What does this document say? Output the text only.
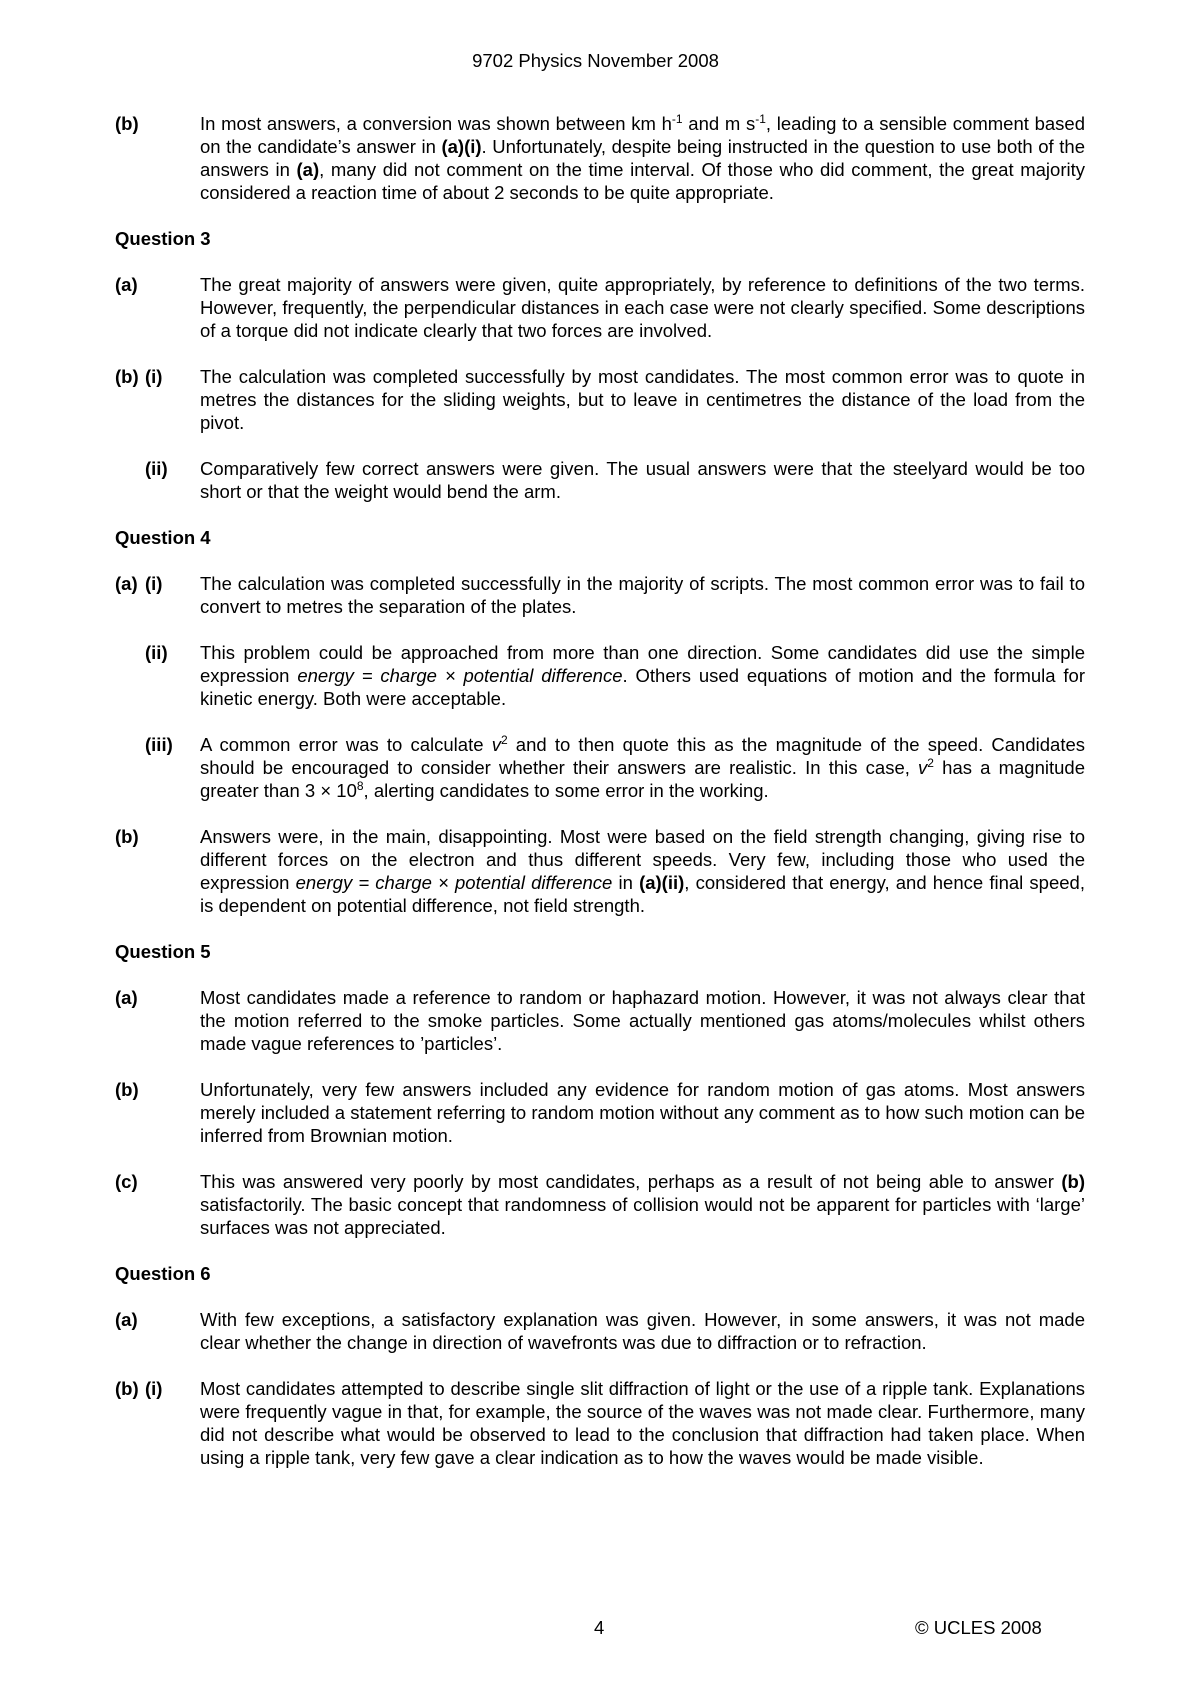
9702 Physics November 2008
(b)	In most answers, a conversion was shown between km $h^{-1}$ and m $s^{-1}$, leading to a sensible comment based on the candidate’s answer in (a)(i). Unfortunately, despite being instructed in the question to use both of the answers in (a), many did not comment on the time interval. Of those who did comment, the great majority considered a reaction time of about 2 seconds to be quite appropriate.
Question 3
(a)	The great majority of answers were given, quite appropriately, by reference to definitions of the two terms. However, frequently, the perpendicular distances in each case were not clearly specified. Some descriptions of a torque did not indicate clearly that two forces are involved.
(b) (i) The calculation was completed successfully by most candidates. The most common error was to quote in metres the distances for the sliding weights, but to leave in centimetres the distance of the load from the pivot.
(ii) Comparatively few correct answers were given. The usual answers were that the steelyard would be too short or that the weight would bend the arm.
Question 4
(a) (i) The calculation was completed successfully in the majority of scripts. The most common error was to fail to convert to metres the separation of the plates.
(ii) This problem could be approached from more than one direction. Some candidates did use the simple expression energy = charge × potential difference. Others used equations of motion and the formula for kinetic energy. Both were acceptable.
(iii) A common error was to calculate $v^2$ and to then quote this as the magnitude of the speed. Candidates should be encouraged to consider whether their answers are realistic. In this case, $v^2$ has a magnitude greater than $3 \times 10^8$, alerting candidates to some error in the working.
(b)	Answers were, in the main, disappointing. Most were based on the field strength changing, giving rise to different forces on the electron and thus different speeds. Very few, including those who used the expression energy = charge × potential difference in (a)(ii), considered that energy, and hence final speed, is dependent on potential difference, not field strength.
Question 5
(a)	Most candidates made a reference to random or haphazard motion. However, it was not always clear that the motion referred to the smoke particles. Some actually mentioned gas atoms/molecules whilst others made vague references to ’particles’.
(b)	Unfortunately, very few answers included any evidence for random motion of gas atoms. Most answers merely included a statement referring to random motion without any comment as to how such motion can be inferred from Brownian motion.
(c)	This was answered very poorly by most candidates, perhaps as a result of not being able to answer (b) satisfactorily. The basic concept that randomness of collision would not be apparent for particles with ‘large’ surfaces was not appreciated.
Question 6
(a)	With few exceptions, a satisfactory explanation was given. However, in some answers, it was not made clear whether the change in direction of wavefronts was due to diffraction or to refraction.
(b) (i) Most candidates attempted to describe single slit diffraction of light or the use of a ripple tank. Explanations were frequently vague in that, for example, the source of the waves was not made clear. Furthermore, many did not describe what would be observed to lead to the conclusion that diffraction had taken place. When using a ripple tank, very few gave a clear indication as to how the waves would be made visible.
4	© UCLES 2008
